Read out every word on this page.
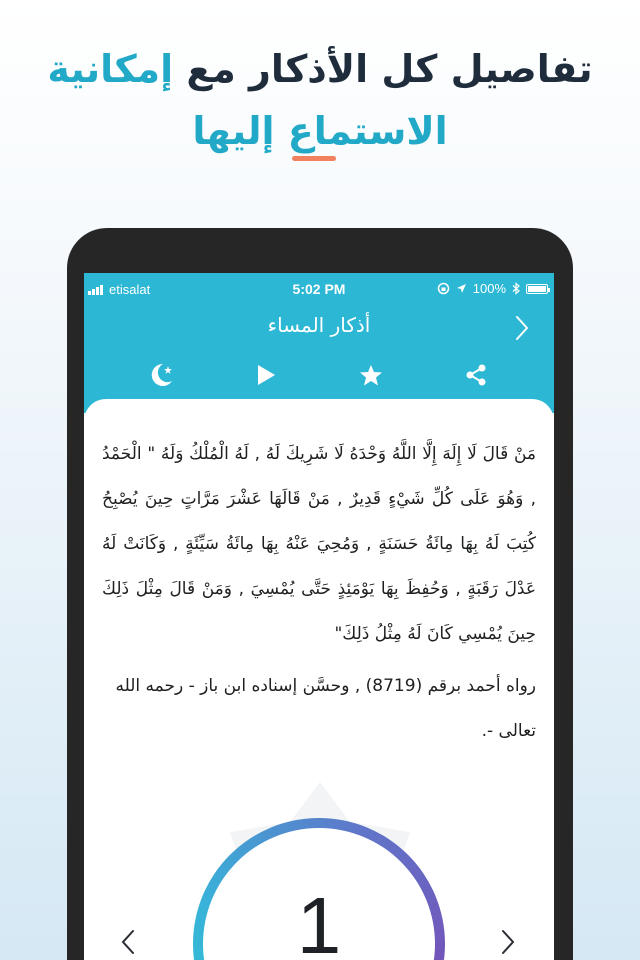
تفاصيل كل الأذكار مع إمكانية
الاستماع إليها
etisalat	5:02 PM	100%
أذكار المساء
مَنْ قَالَ لَا إِلَهَ إِلَّا اللَّهُ وَحْدَهُ لَا شَرِيكَ لَهُ , لَهُ الْمُلْكُ وَلَهُ " الْحَمْدُ , وَهُوَ عَلَى كُلِّ شَيْءٍ قَدِيرٌ , مَنْ قَالَهَا عَشْرَ مَرَّاتٍ حِينَ يُصْبِحُ كُتِبَ لَهُ بِهَا مِائَةُ حَسَنَةٍ , وَمُحِيَ عَنْهُ بِهَا مِائَةُ سَيِّئَةٍ , وَكَانَتْ لَهُ عَدْلَ رَقَبَةٍ , وَحُفِظَ بِهَا يَوْمَئِذٍ حَتَّى يُمْسِيَ , وَمَنْ قَالَ مِثْلَ ذَلِكَ حِينَ يُمْسِي كَانَ لَهُ مِثْلُ ذَلِكَ"
رواه أحمد برقم (8719) , وحسَّن إسناده ابن باز - رحمه الله تعالى -.
1
